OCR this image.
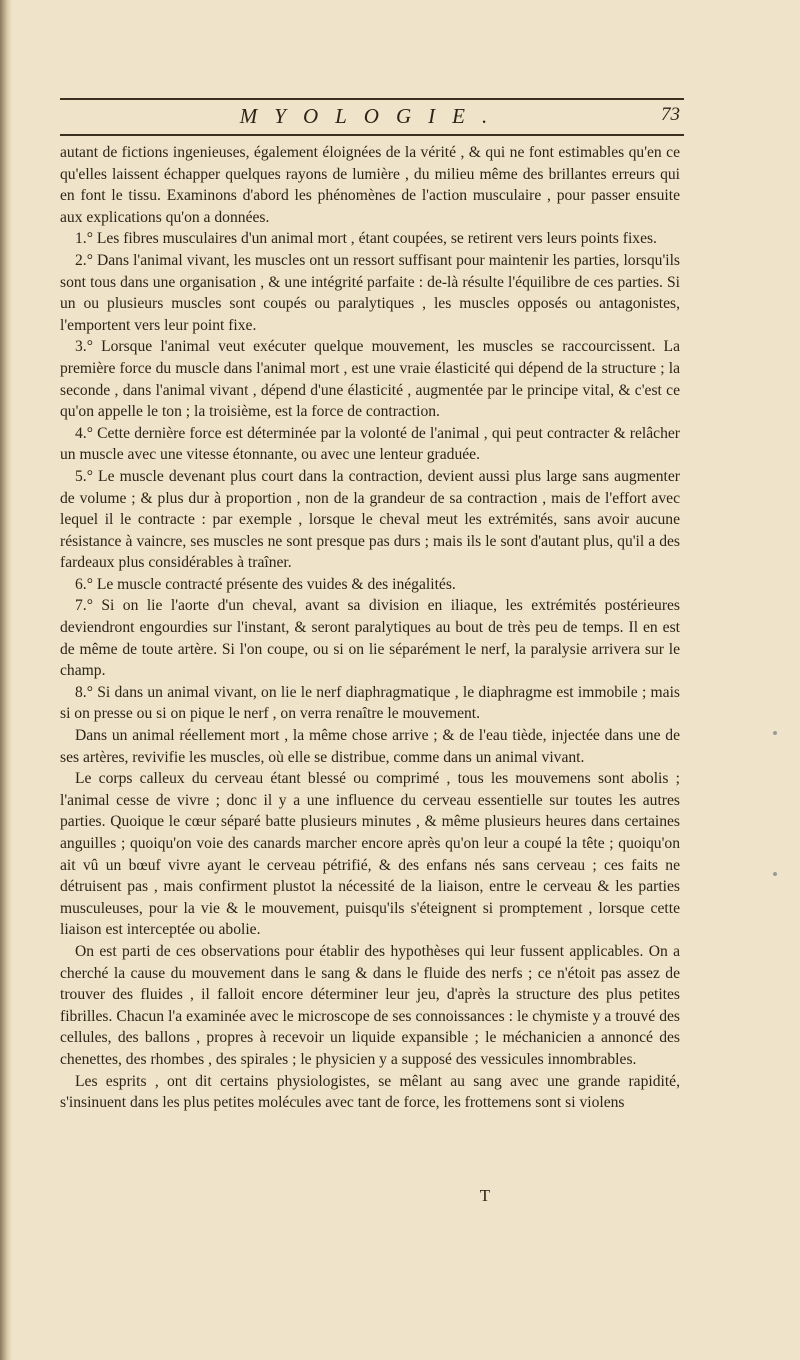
MYOLOGIE.	73

autant de fictions ingenieuses, également éloignées de la vérité , & qui ne font estimables qu'en ce qu'elles laissent échapper quelques rayons de lumière , du milieu même des brillantes erreurs qui en font le tissu. Examinons d'abord les phénomènes de l'action musculaire , pour passer ensuite aux explications qu'on a données.

1.° Les fibres musculaires d'un animal mort , étant coupées, se retirent vers leurs points fixes.

2.° Dans l'animal vivant, les muscles ont un ressort suffisant pour maintenir les parties, lorsqu'ils sont tous dans une organisation , & une intégrité parfaite : de-là résulte l'équilibre de ces parties. Si un ou plusieurs muscles sont coupés ou paralytiques , les muscles opposés ou antagonistes, l'emportent vers leur point fixe.

3.° Lorsque l'animal veut exécuter quelque mouvement, les muscles se raccourcissent. La première force du muscle dans l'animal mort , est une vraie élasticité qui dépend de la structure ; la seconde , dans l'animal vivant , dépend d'une élasticité , augmentée par le principe vital, & c'est ce qu'on appelle le ton ; la troisième, est la force de contraction.

4.° Cette dernière force est déterminée par la volonté de l'animal , qui peut contracter & relâcher un muscle avec une vitesse étonnante, ou avec une lenteur graduée.

5.° Le muscle devenant plus court dans la contraction, devient aussi plus large sans augmenter de volume ; & plus dur à proportion , non de la grandeur de sa contraction , mais de l'effort avec lequel il le contracte : par exemple , lorsque le cheval meut les extrémités, sans avoir aucune résistance à vaincre, ses muscles ne sont presque pas durs ; mais ils le sont d'autant plus, qu'il a des fardeaux plus considérables à traîner.

6.° Le muscle contracté présente des vuides & des inégalités.

7.° Si on lie l'aorte d'un cheval, avant sa division en iliaque, les extrémités postérieures deviendront engourdies sur l'instant, & seront paralytiques au bout de très peu de temps. Il en est de même de toute artère. Si l'on coupe, ou si on lie séparément le nerf, la paralysie arrivera sur le champ.

8.° Si dans un animal vivant, on lie le nerf diaphragmatique , le diaphragme est immobile ; mais si on presse ou si on pique le nerf , on verra renaître le mouvement.

Dans un animal réellement mort , la même chose arrive ; & de l'eau tiède, injectée dans une de ses artères, revivifie les muscles, où elle se distribue, comme dans un animal vivant.

Le corps calleux du cerveau étant blessé ou comprimé , tous les mouvemens sont abolis ; l'animal cesse de vivre ; donc il y a une influence du cerveau essentielle sur toutes les autres parties. Quoique le cœur séparé batte plusieurs minutes , & même plusieurs heures dans certaines anguilles ; quoiqu'on voie des canards marcher encore après qu'on leur a coupé la tête ; quoiqu'on ait vû un bœuf vivre ayant le cerveau pétrifié, & des enfans nés sans cerveau ; ces faits ne détruisent pas , mais confirment plustot la nécessité de la liaison, entre le cerveau & les parties musculeuses, pour la vie & le mouvement, puisqu'ils s'éteignent si promptement , lorsque cette liaison est interceptée ou abolie.

On est parti de ces observations pour établir des hypothèses qui leur fussent applicables. On a cherché la cause du mouvement dans le sang & dans le fluide des nerfs ; ce n'étoit pas assez de trouver des fluides , il falloit encore déterminer leur jeu, d'après la structure des plus petites fibrilles. Chacun l'a examinée avec le microscope de ses connoissances : le chymiste y a trouvé des cellules, des ballons , propres à recevoir un liquide expansible ; le méchanicien a annoncé des chenettes, des rhombes , des spirales ; le physicien y a supposé des vessicules innombrables.

Les esprits , ont dit certains physiologistes, se mêlant au sang avec une grande rapidité, s'insinuent dans les plus petites molécules avec tant de force, les frottemens sont si violens

T
